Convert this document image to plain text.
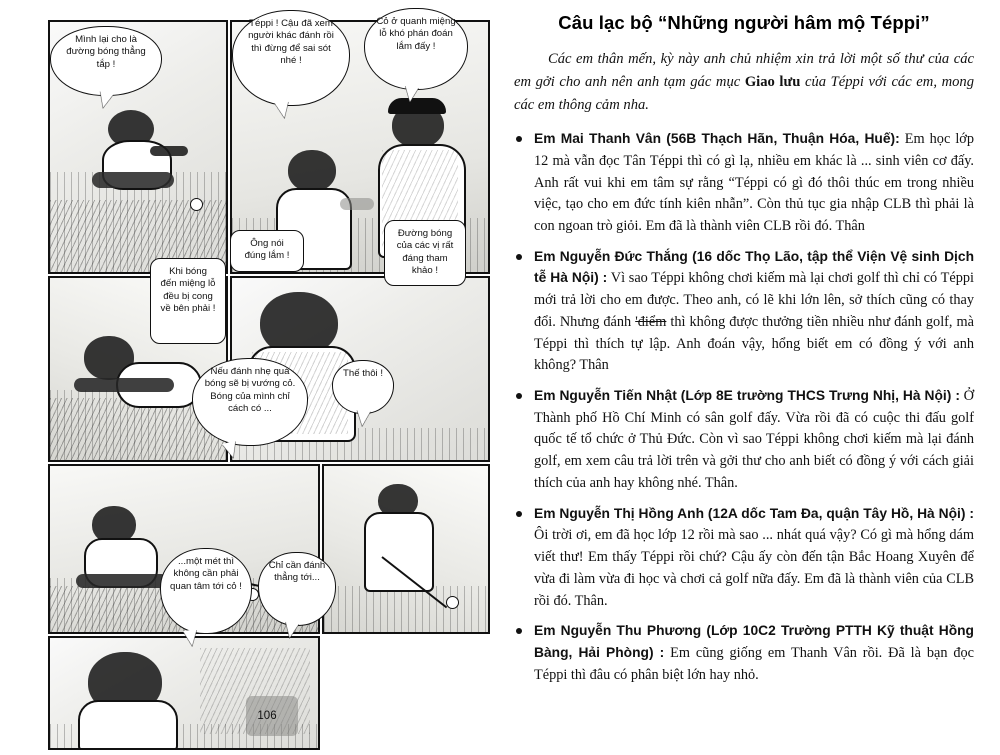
Mình lại cho là đường bóng thẳng tắp !
Téppi ! Cậu đã xem người khác đánh rồi thì đừng để sai sót nhé !
Cỏ ở quanh miệng lỗ khó phán đoán lắm đấy !
Ông nói đúng lắm !
Đường bóng của các vị rất đáng tham khảo !
Khi bóng đến miệng lỗ đều bị cong về bên phải !
Nếu đánh nhẹ quá bóng sẽ bị vướng cỏ. Bóng của mình chỉ cách có ...
Thế thôi !
...một mét thì không cần phải quan tâm tới cỏ !
Chỉ cần đánh thẳng tới...
106
Câu lạc bộ “Những người hâm mộ Téppi”

Các em thân mến, kỳ này anh chủ nhiệm xin trả lời một số thư của các em gởi cho anh nên anh tạm gác mục Giao lưu của Téppi với các em, mong các em thông cảm nha.

Em Mai Thanh Vân (56B Thạch Hãn, Thuận Hóa, Huế): Em học lớp 12 mà vẫn đọc Tân Téppi thì có gì lạ, nhiều em khác là ... sinh viên cơ đấy. Anh rất vui khi em tâm sự rằng “Téppi có gì đó thôi thúc em trong nhiều việc, tạo cho em đức tính kiên nhẫn”. Còn thủ tục gia nhập CLB thì phải là con ngoan trò giỏi. Em đã là thành viên CLB rồi đó. Thân
Em Nguyễn Đức Thắng (16 dốc Thọ Lão, tập thể Viện Vệ sinh Dịch tễ Hà Nội) : Vì sao Téppi không chơi kiếm mà lại chơi golf thì chỉ có Téppi mới trả lời cho em được. Theo anh, có lẽ khi lớn lên, sở thích cũng có thay đổi. Nhưng đánh 'điểm thì không được thưởng tiền nhiều như đánh golf, mà Téppi thì thích tự lập. Anh đoán vậy, hổng biết em có đồng ý với anh không? Thân
Em Nguyễn Tiến Nhật (Lớp 8E trường THCS Trưng Nhị, Hà Nội) : Ở Thành phố Hồ Chí Minh có sân golf đấy. Vừa rồi đã có cuộc thi đấu golf quốc tế tổ chức ở Thủ Đức. Còn vì sao Téppi không chơi kiếm mà lại đánh golf, em xem câu trả lời trên và gởi thư cho anh biết có đồng ý với cách giải thích của anh hay không nhé. Thân.
Em Nguyễn Thị Hồng Anh (12A dốc Tam Đa, quận Tây Hồ, Hà Nội) : Ôi trời ơi, em đã học lớp 12 rồi mà sao ... nhát quá vậy? Có gì mà hổng dám viết thư! Em thấy Téppi rồi chứ? Cậu ấy còn đến tận Bắc Hoang Xuyên để vừa đi làm vừa đi học và chơi cả golf nữa đấy. Em đã là thành viên của CLB rồi đó. Thân.
Em Nguyễn Thu Phương (Lớp 10C2 Trường PTTH Kỹ thuật Hồng Bàng, Hải Phòng) : Em cũng giống em Thanh Vân rồi. Đã là bạn đọc Téppi thì đâu có phân biệt lớn hay nhỏ.
